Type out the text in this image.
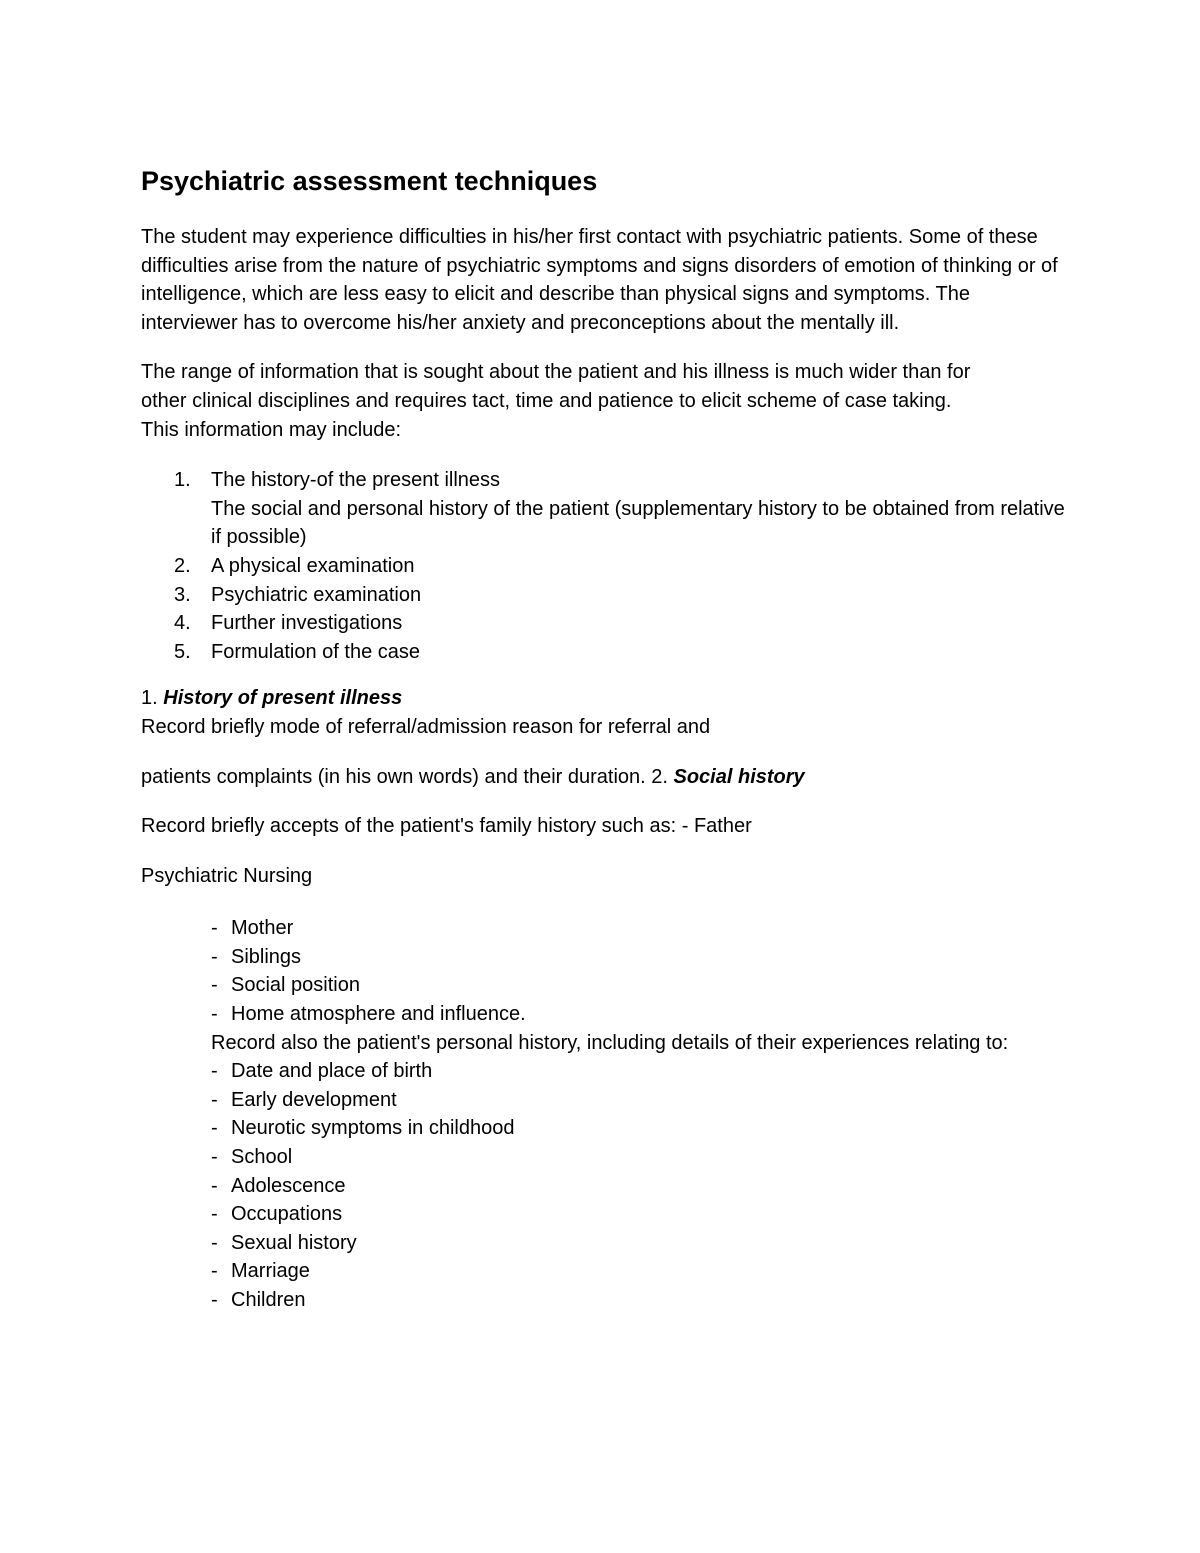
Psychiatric assessment techniques

The student may experience difficulties in his/her first contact with psychiatric patients. Some of these difficulties arise from the nature of psychiatric symptoms and signs disorders of emotion of thinking or of intelligence, which are less easy to elicit and describe than physical signs and symptoms. The interviewer has to overcome his/her anxiety and preconceptions about the mentally ill.

The range of information that is sought about the patient and his illness is much wider than for
other clinical disciplines and requires tact, time and patience to elicit scheme of case taking.
This information may include:

1. The history-of the present illness
The social and personal history of the patient (supplementary history to be obtained from relative if possible)
2. A physical examination
3. Psychiatric examination
4. Further investigations
5. Formulation of the case

1. History of present illness

Record briefly mode of referral/admission reason for referral and

patients complaints (in his own words) and their duration. 2. Social history

Record briefly accepts of the patient's family history such as: - Father

Psychiatric Nursing

- Mother
- Siblings
- Social position
- Home atmosphere and influence.
Record also the patient's personal history, including details of their experiences relating to:
- Date and place of birth
- Early development
- Neurotic symptoms in childhood
- School
- Adolescence
- Occupations
- Sexual history
- Marriage
- Children
